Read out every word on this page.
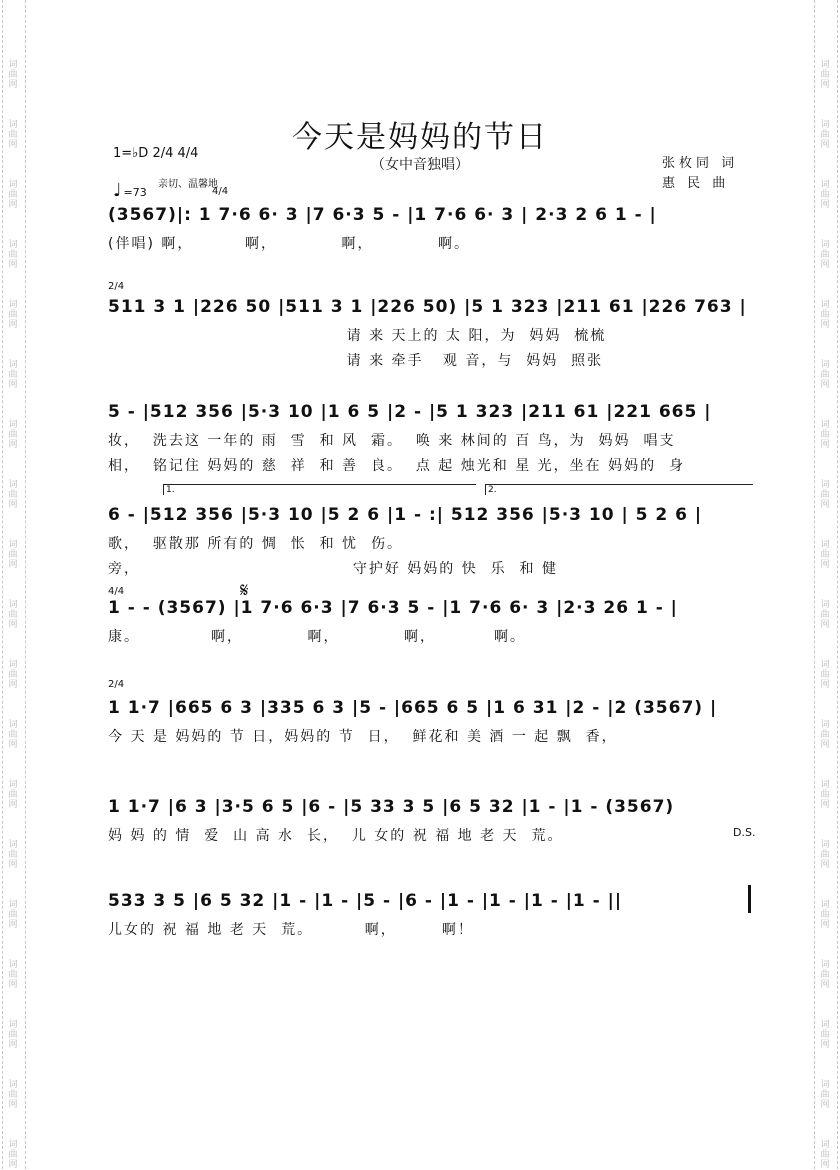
今天是妈妈的节日
（女中音独唱）	张枚同 词
惠 民 曲
1=♭D 2/4 4/4
♩ =73
亲切、温馨地
4/4
2/4
4/4
2/4
(3567)|: 1 7·6 6· 3 |7 6·3 5 - |1 7·6 6· 3 | 2·3 2 6 1 - |
(伴唱) 啊，        啊，          啊，          啊。
511 3 1 |226 50 |511 3 1 |226 50) |5 1 323 |211 61 |226 763 |
请 来 天上的 太 阳，为  妈妈  梳梳
请 来 牵手   观 音，与  妈妈  照张
5 - |512 356 |5·3 10 |1 6 5 |2 - |5 1 323 |211 61 |221 665 |
妆，  洗去这 一年的 雨  雪  和 风  霜。  唤 来 林间的 百 鸟，为  妈妈  唱支
相，  铭记住 妈妈的 慈  祥  和 善  良。  点 起 烛光和 星 光，坐在 妈妈的  身
6 - |512 356 |5·3 10 |5 2 6 |1 - :| 512 356 |5·3 10 | 5 2 6 |
歌，  驱散那 所有的 惆  怅  和 忧  伤。
旁，                                 守护好 妈妈的 快  乐  和 健
1 - - (3567) |1 7·6 6·3 |7 6·3 5 - |1 7·6 6· 3 |2·3 26 1 - |
康。           啊，          啊，          啊，         啊。
1 1·7 |665 6 3 |335 6 3 |5 - |665 6 5 |1 6 31 |2 - |2 (3567) |
今 天 是 妈妈的 节 日，妈妈的 节  日，  鲜花和 美 酒 一 起 飘  香，
1 1·7 |6 3 |3·5 6 5 |6 - |5 33 3 5 |6 5 32 |1 - |1 - (3567)
妈 妈 的 情  爱  山 高 水  长，  儿 女的 祝 福 地 老 天  荒。
533 3 5 |6 5 32 |1 - |1 - |5 - |6 - |1 - |1 - |1 - |1 - ||
儿女的 祝 福 地 老 天  荒。        啊，       啊！
1.	2.
𝄋
D.S.
词 曲 网
词 曲 网
词 曲 网
词 曲 网
词 曲 网
词 曲 网
词 曲 网
词 曲 网
词 曲 网
词 曲 网
词 曲 网
词 曲 网
词 曲 网
词 曲 网
词 曲 网
词 曲 网
词 曲 网
词 曲 网
词 曲 网
词 曲 网
词 曲 网
词 曲 网
词 曲 网
词 曲 网
词 曲 网
词 曲 网
词 曲 网
词 曲 网
词 曲 网
词 曲 网
词 曲 网
词 曲 网
词 曲 网
词 曲 网
词 曲 网
词 曲 网
词 曲 网
词 曲 网
